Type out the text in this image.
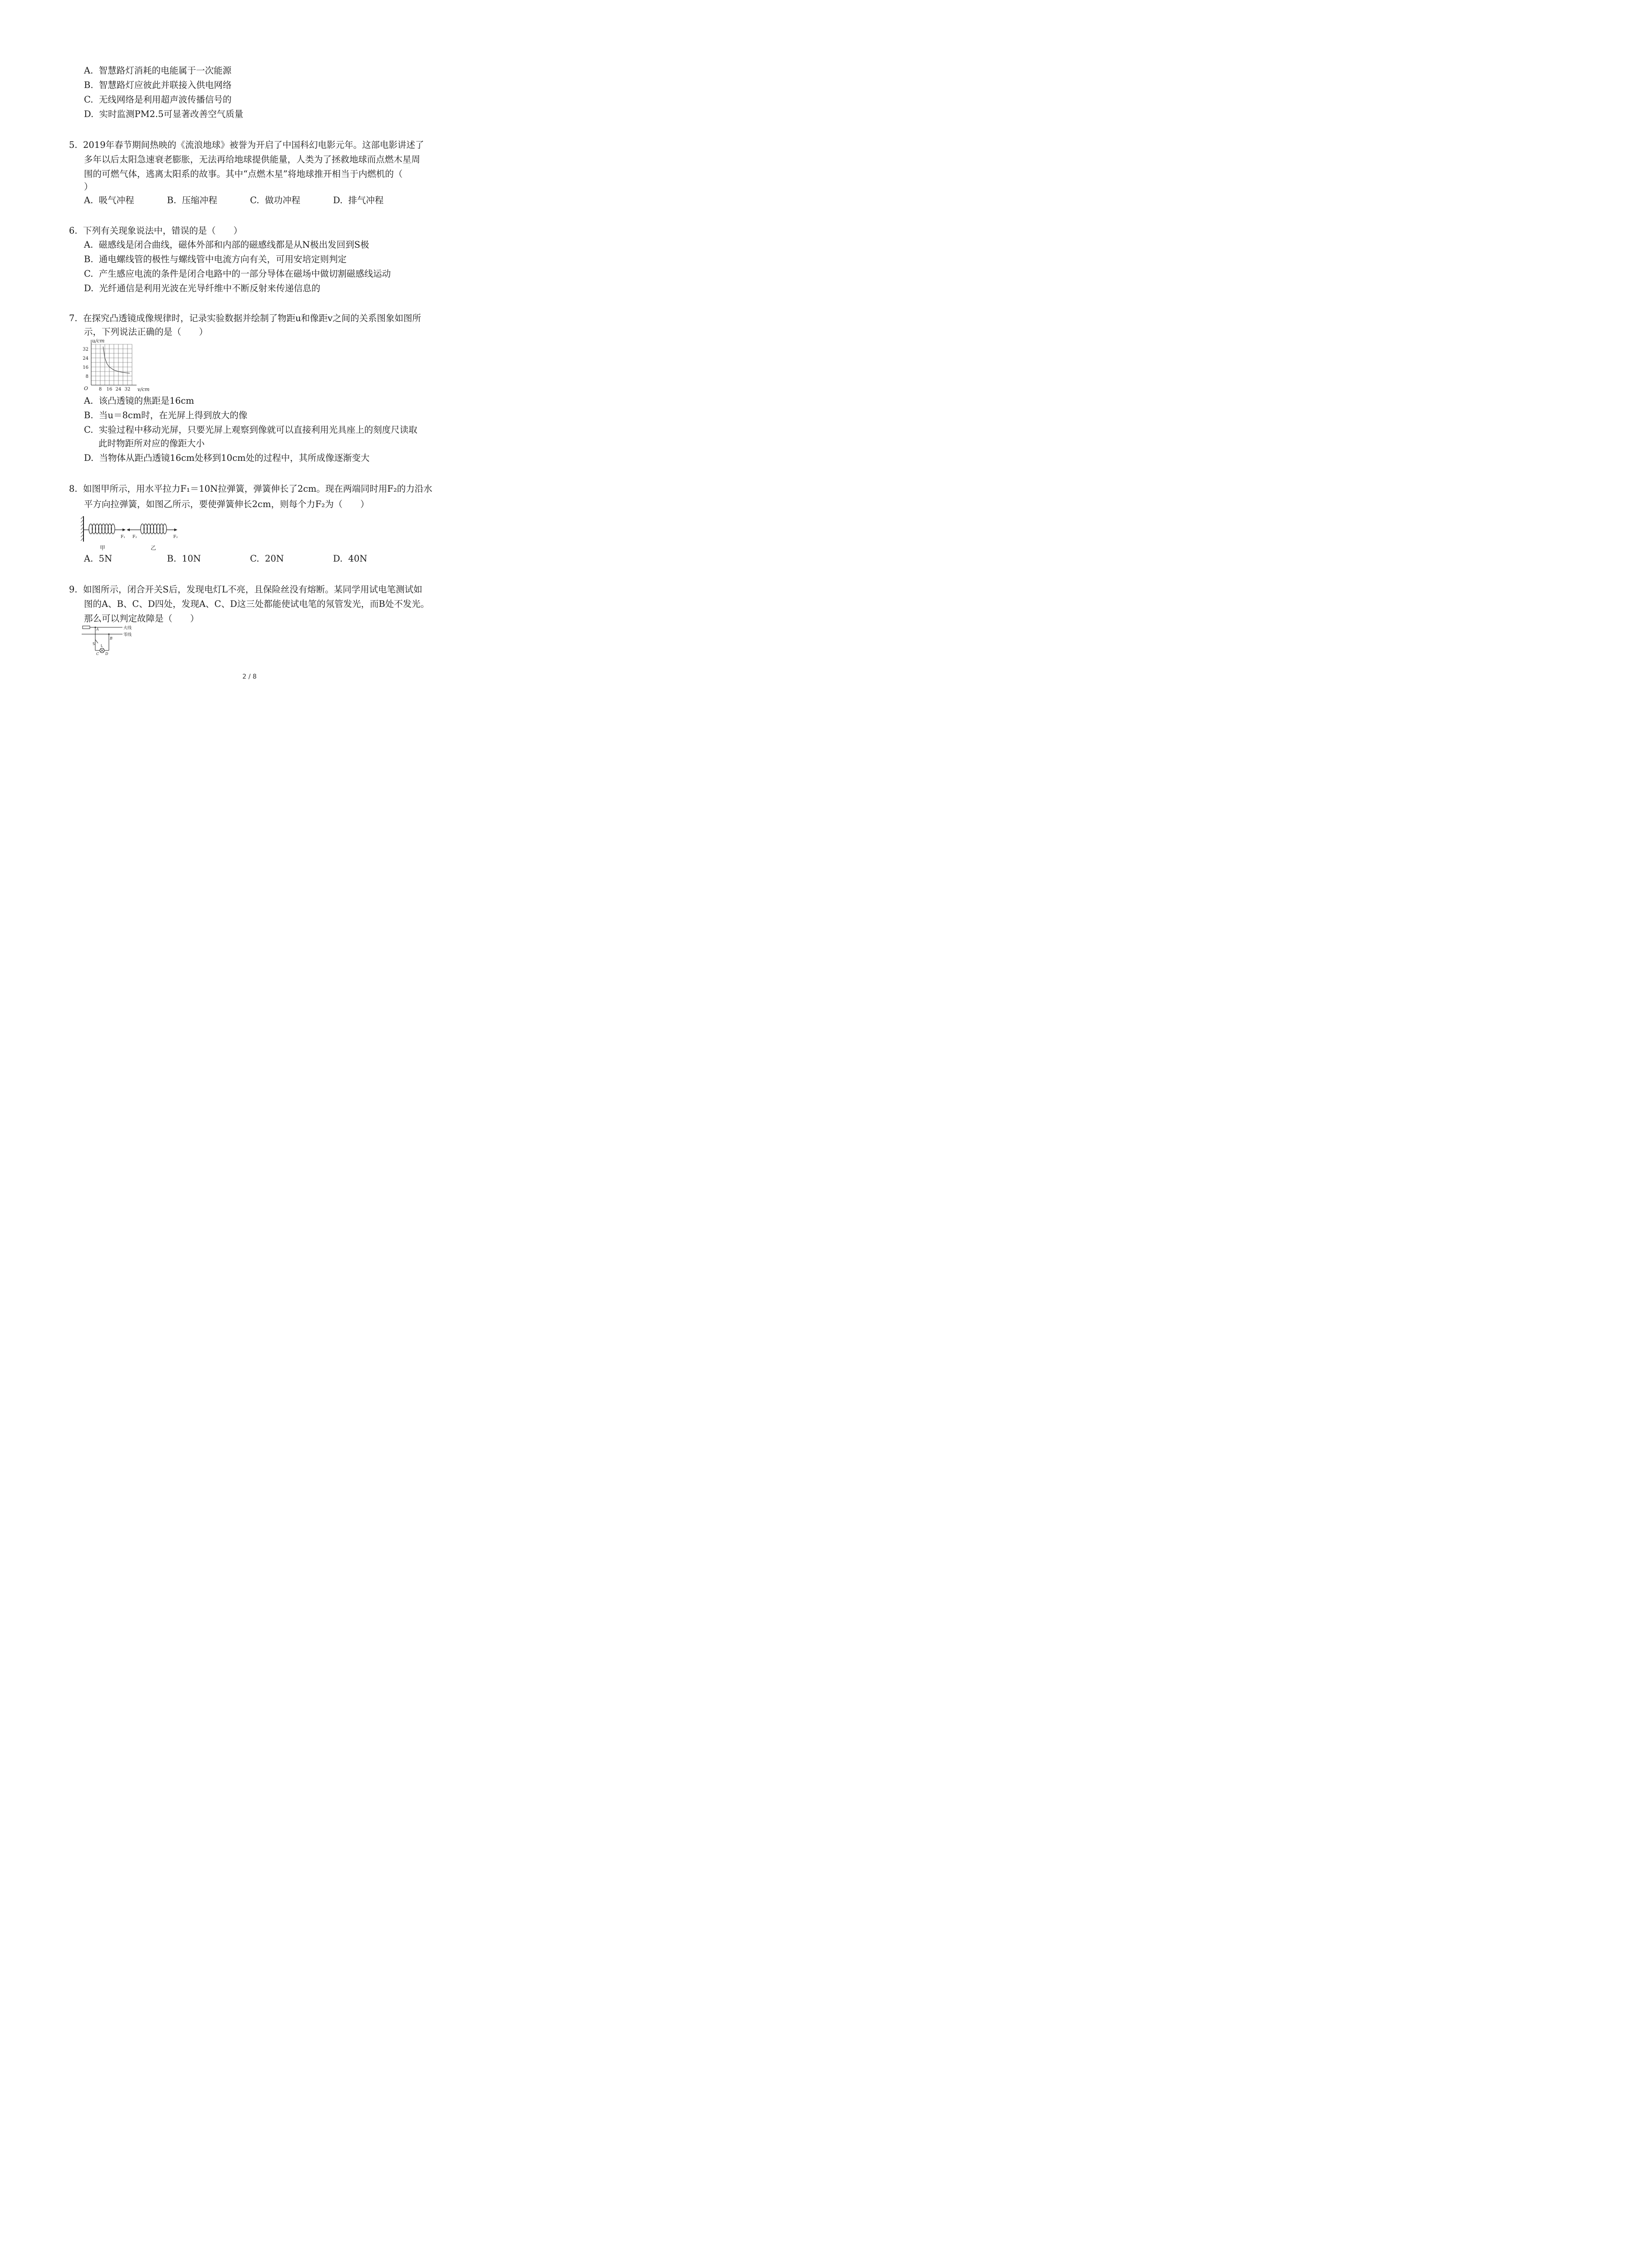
A.  智慧路灯消耗的电能属于一次能源
B.  智慧路灯应彼此并联接入供电网络
C.  无线网络是利用超声波传播信号的
D.  实时监测PM2.5可显著改善空气质量
5.  2019年春节期间热映的《流浪地球》被誉为开启了中国科幻电影元年。这部电影讲述了
多年以后太阳急速衰老膨胀，无法再给地球提供能量，人类为了拯救地球而点燃木星周
围的可燃气体，逃离太阳系的故事。其中“点燃木星”将地球推开相当于内燃机的（
）
A.  吸气冲程	B.  压缩冲程	C.  做功冲程	D.  排气冲程
6.  下列有关现象说法中，错误的是（　　）
A.  磁感线是闭合曲线，磁体外部和内部的磁感线都是从N极出发回到S极
B.  通电螺线管的极性与螺线管中电流方向有关，可用安培定则判定
C.  产生感应电流的条件是闭合电路中的一部分导体在磁场中做切割磁感线运动
D.  光纤通信是利用光波在光导纤维中不断反射来传递信息的
7.  在探究凸透镜成像规律时，记录实验数据并绘制了物距u和像距v之间的关系图象如图所
示，下列说法正确的是（　　）
8 16 24 32
32
24
16
8
u/cm
v/cm
O
A.  该凸透镜的焦距是16cm
B.  当u＝8cm时，在光屏上得到放大的像
C.  实验过程中移动光屏，只要光屏上观察到像就可以直接利用光具座上的刻度尺读取
此时物距所对应的像距大小
D.  当物体从距凸透镜16cm处移到10cm处的过程中，其所成像逐渐变大
8.  如图甲所示，用水平拉力F₁＝10N拉弹簧，弹簧伸长了2cm。现在两端同时用F₂的力沿水
平方向拉弹簧，如图乙所示，要使弹簧伸长2cm，则每个力F₂为（　　）
F₁
甲
F₂	F₂
乙
A.  5N	B.  10N	C.  20N	D.  40N
9.  如图所示，闭合开关S后，发现电灯L不亮，且保险丝没有熔断。某同学用试电笔测试如
图的A、B、C、D四处，发现A、C、D这三处都能使试电笔的氖管发光，而B处不发光。
那么可以判定故障是（　　）
火线
零线
A
S L
B
C D
2 / 8
